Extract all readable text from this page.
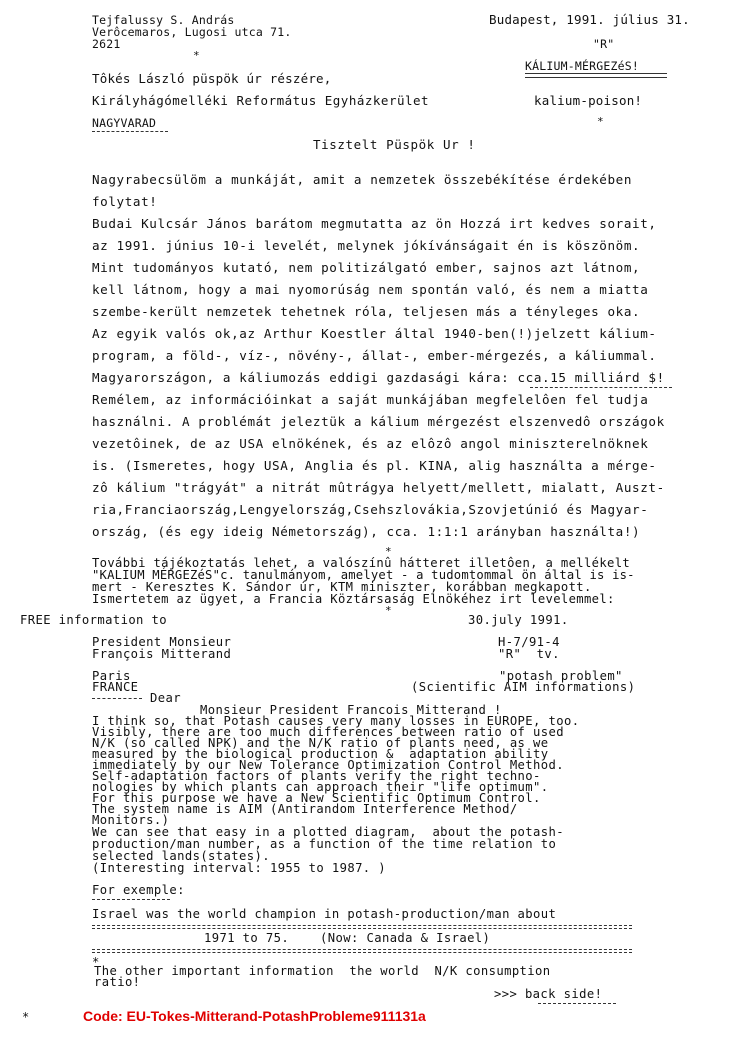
Tejfalussy S. András
Verôcemaros, Lugosi utca 71.
2621
*
Budapest, 1991. július 31.
"R"
KÁLIUM-MÉRGEZéS!
kalium-poison!
*
Tôkés László püspök úr részére,
Királyhágómelléki Református Egyházkerület
NAGYVARAD
Tisztelt Püspök Ur !
Nagyrabecsülöm a munkáját, amit a nemzetek összebékítése érdekében
folytat!
Budai Kulcsár János barátom megmutatta az ön Hozzá irt kedves sorait,
az 1991. június 10-i levelét, melynek jókívánságait én is köszönöm.
Mint tudományos kutató, nem politizálgató ember, sajnos azt látnom,
kell látnom, hogy a mai nyomorúság nem spontán való, és nem a miatta
szembe-került nemzetek tehetnek róla, teljesen más a tényleges oka.
Az egyik valós ok,az Arthur Koestler által 1940-ben(!)jelzett kálium-
program, a föld-, víz-, növény-, állat-, ember-mérgezés, a káliummal.
Magyarországon, a káliumozás eddigi gazdasági kára: cca.15 milliárd $!
Remélem, az információinkat a saját munkájában megfelelôen fel tudja
használni. A problémát jeleztük a kálium mérgezést elszenvedô országok
vezetôinek, de az USA elnökének, és az elôzô angol miniszterelnöknek
is. (Ismeretes, hogy USA, Anglia és pl. KINA, alig használta a mérge-
zô kálium "trágyát" a nitrát mûtrágya helyett/mellett, mialatt, Auszt-
ria,Franciaország,Lengyelország,Csehszlovákia,Szovjetúnió és Magyar-
ország, (és egy ideig Németország), cca. 1:1:1 arányban használta!)
*
További tájékoztatás lehet, a valószínû hátteret illetôen, a mellékelt
"KALIUM MÉRGEZéS"c. tanulmányom, amelyet - a tudomtommal ön által is is-
mert - Keresztes K. Sándor úr, KTM miniszter, korábban megkapott.
Ismertetem az ügyet, a Francia Köztársaság Elnökéhez irt levelemmel:
*
FREE information to	30.july 1991.
President Monsieur
François Mitterand
H-7/91-4
"R"  tv.
Paris
FRANCE
"potash problem"
(Scientific AIM informations)
Dear
Monsieur President Francois Mitterand !
I think so, that Potash causes very many losses in EUROPE, too.
Visibly, there are too much differences between ratio of used
N/K (so called NPK) and the N/K ratio of plants need, as we
measured by the biological production &  adaptation ability
immediately by our New Tolerance Optimization Control Method.
Self-adaptation factors of plants verify the right techno-
nologies by which plants can approach their "life optimum".
For this purpose we have a New Scientific Optimum Control.
The system name is AIM (Antirandom Interference Method/
Monitors.)
We can see that easy in a plotted diagram,  about the potash-
production/man number, as a function of the time relation to
selected lands(states).
(Interesting interval: 1955 to 1987. )
For exemple:
Israel was the world champion in potash-production/man about
1971 to 75.    (Now: Canada & Israel)
*
The other important information  the world  N/K consumption
ratio!
>>> back side!
*	Code: EU-Tokes-Mitterand-PotashProbleme911131a
